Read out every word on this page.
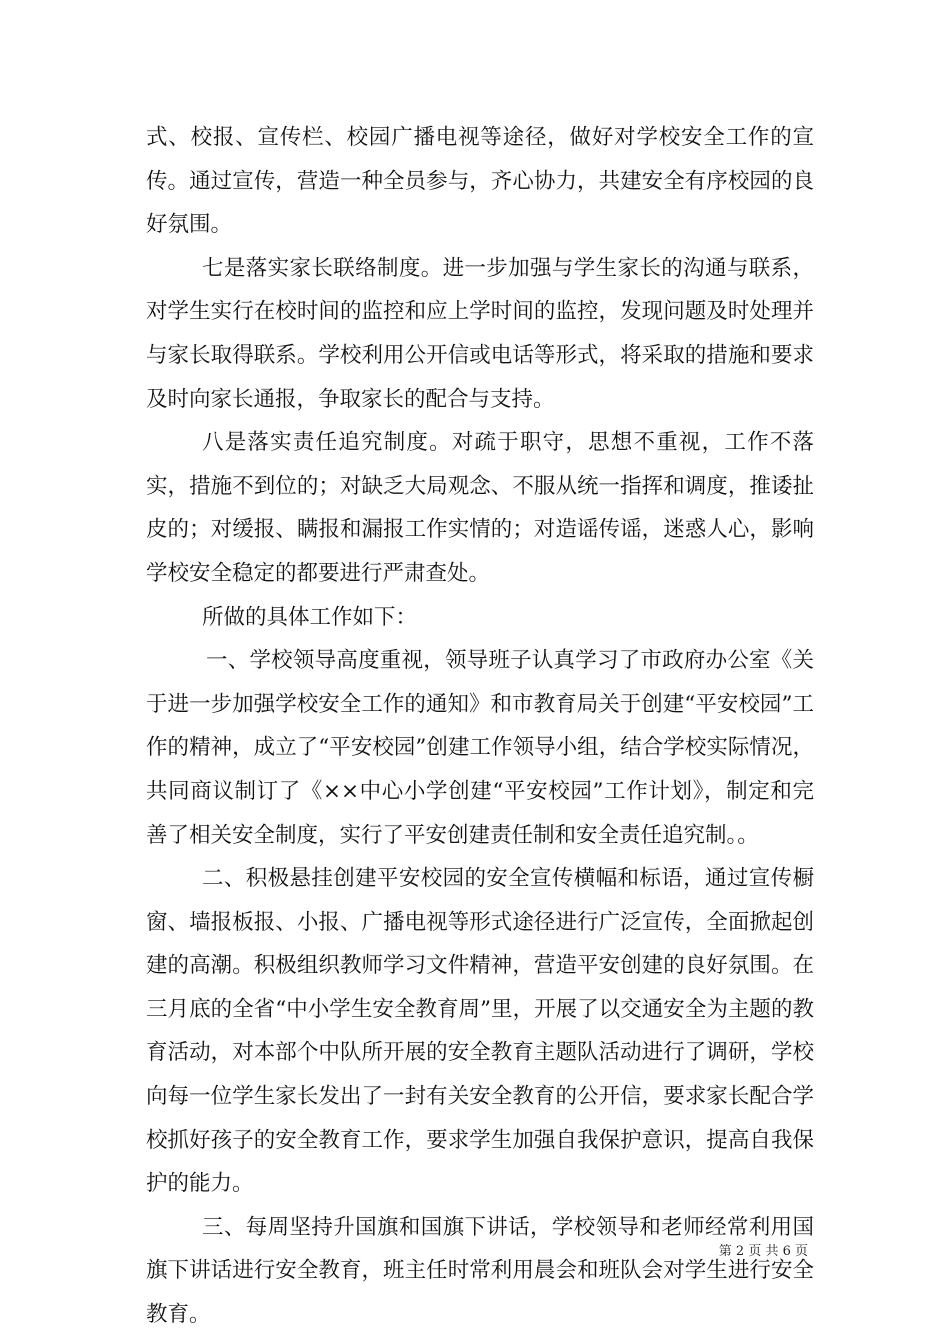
式、校报、宣传栏、校园广播电视等途径，做好对学校安全工作的宣传。通过宣传，营造一种全员参与，齐心协力，共建安全有序校园的良好氛围。

七是落实家长联络制度。进一步加强与学生家长的沟通与联系，对学生实行在校时间的监控和应上学时间的监控，发现问题及时处理并与家长取得联系。学校利用公开信或电话等形式，将采取的措施和要求及时向家长通报，争取家长的配合与支持。

八是落实责任追究制度。对疏于职守，思想不重视，工作不落实，措施不到位的；对缺乏大局观念、不服从统一指挥和调度，推诿扯皮的；对缓报、瞒报和漏报工作实情的；对造谣传谣，迷惑人心，影响学校安全稳定的都要进行严肃查处。

所做的具体工作如下：

一、学校领导高度重视，领导班子认真学习了市政府办公室《关于进一步加强学校安全工作的通知》和市教育局关于创建“平安校园”工作的精神，成立了“平安校园”创建工作领导小组，结合学校实际情况，共同商议制订了《××中心小学创建“平安校园”工作计划》，制定和完善了相关安全制度，实行了平安创建责任制和安全责任追究制。。

二、积极悬挂创建平安校园的安全宣传横幅和标语，通过宣传橱窗、墙报板报、小报、广播电视等形式途径进行广泛宣传，全面掀起创建的高潮。积极组织教师学习文件精神，营造平安创建的良好氛围。在三月底的全省“中小学生安全教育周”里，开展了以交通安全为主题的教育活动，对本部个中队所开展的安全教育主题队活动进行了调研，学校向每一位学生家长发出了一封有关安全教育的公开信，要求家长配合学校抓好孩子的安全教育工作，要求学生加强自我保护意识，提高自我保护的能力。

三、每周坚持升国旗和国旗下讲话，学校领导和老师经常利用国旗下讲话进行安全教育，班主任时常利用晨会和班队会对学生进行安全教育。

第 2 页 共 6 页
